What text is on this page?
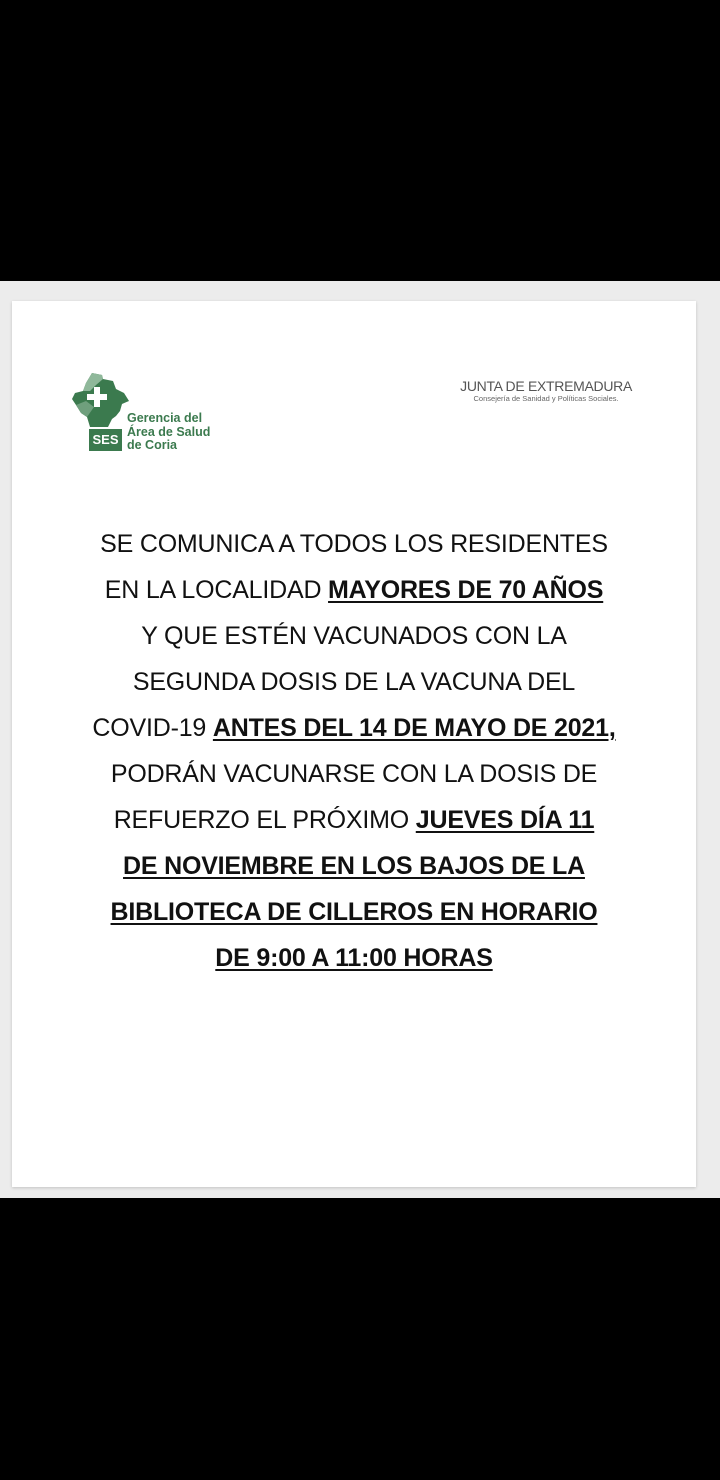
SES
Gerencia del
Área de Salud
de Coria
JUNTA DE EXTREMADURA
Consejería de Sanidad y Políticas Sociales.
SE COMUNICA A TODOS LOS RESIDENTES
EN LA LOCALIDAD MAYORES DE 70 AÑOS
Y QUE ESTÉN VACUNADOS CON LA
SEGUNDA DOSIS DE LA VACUNA DEL
COVID-19 ANTES DEL 14 DE MAYO DE 2021,
PODRÁN VACUNARSE CON LA DOSIS DE
REFUERZO EL PRÓXIMO JUEVES DÍA 11
DE NOVIEMBRE EN LOS BAJOS DE LA
BIBLIOTECA DE CILLEROS EN HORARIO
DE 9:00 A 11:00 HORAS
